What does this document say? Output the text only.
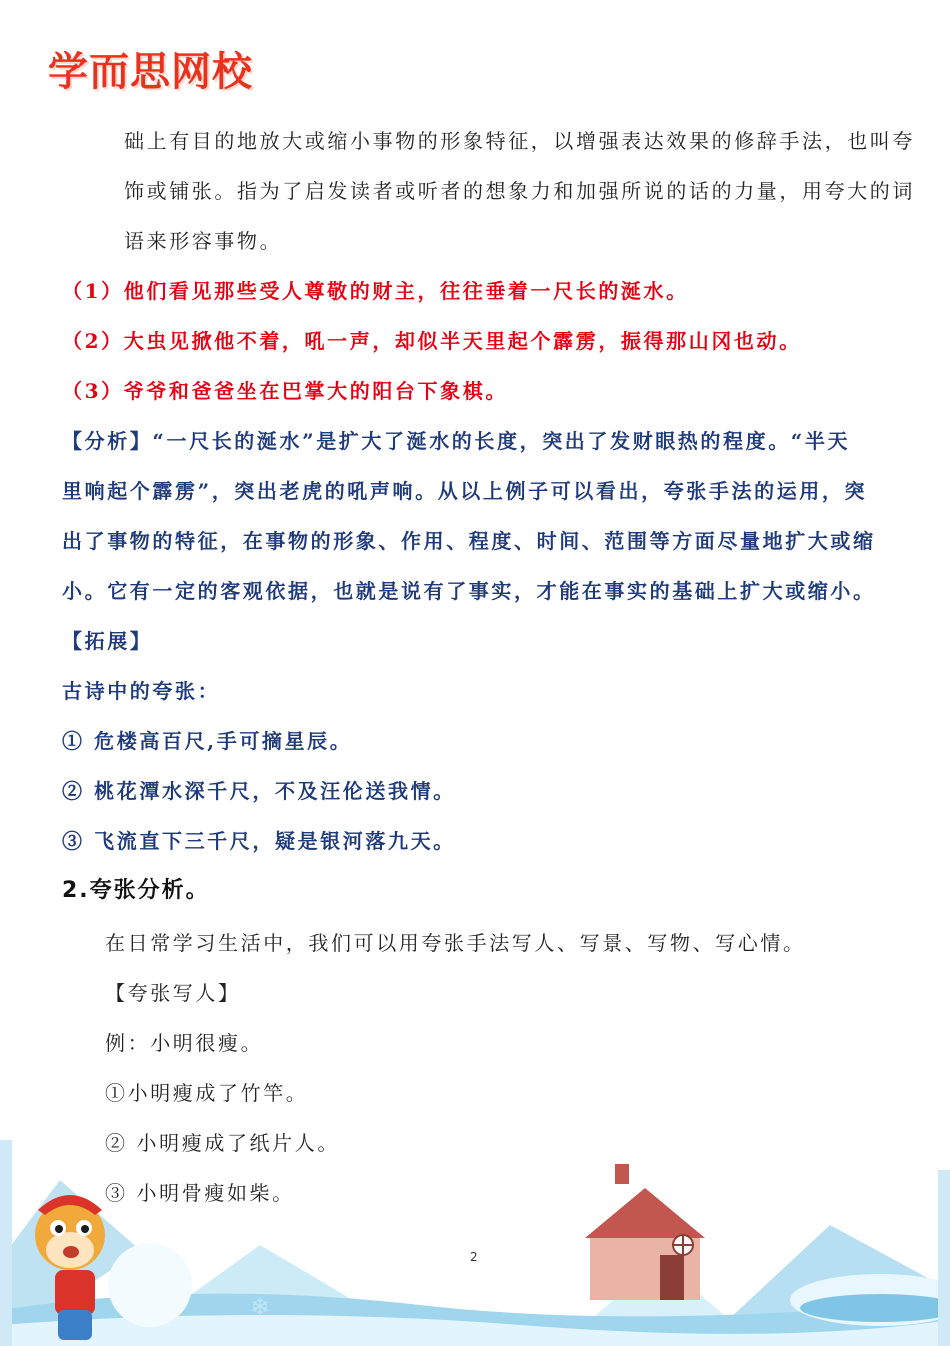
学而思网校
础上有目的地放大或缩小事物的形象特征，以增强表达效果的修辞手法，也叫夸
饰或铺张。指为了启发读者或听者的想象力和加强所说的话的力量，用夸大的词
语来形容事物。
（1）他们看见那些受人尊敬的财主，往往垂着一尺长的涎水。
（2）大虫见掀他不着，吼一声，却似半天里起个霹雳，振得那山冈也动。
（3）爷爷和爸爸坐在巴掌大的阳台下象棋。
【分析】“一尺长的涎水”是扩大了涎水的长度，突出了发财眼热的程度。“半天
里响起个霹雳”，突出老虎的吼声响。从以上例子可以看出，夸张手法的运用，突
出了事物的特征，在事物的形象、作用、程度、时间、范围等方面尽量地扩大或缩
小。它有一定的客观依据，也就是说有了事实，才能在事实的基础上扩大或缩小。
【拓展】
古诗中的夸张：
① 危楼高百尺,手可摘星辰。
② 桃花潭水深千尺，不及汪伦送我情。
③ 飞流直下三千尺，疑是银河落九天。
2.夸张分析。
在日常学习生活中，我们可以用夸张手法写人、写景、写物、写心情。
【夸张写人】
例：小明很瘦。
①小明瘦成了竹竿。
② 小明瘦成了纸片人。
③ 小明骨瘦如柴。
❄
❄
❄
2
